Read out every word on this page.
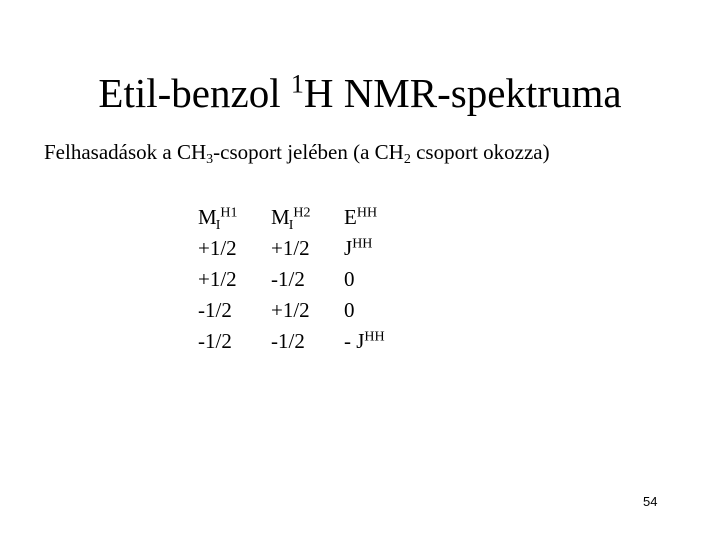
Etil-benzol $^1$H NMR-spektruma
Felhasadások a $CH_3$-csoport jelében (a $CH_2$ csoport okozza)
$M_I^{H1}$
+1/2
+1/2
-1/2
-1/2
$M_I^{H2}$
+1/2
-1/2
+1/2
-1/2
$E^{HH}$
$J^{HH}$
0
0
- $J^{HH}$
54
